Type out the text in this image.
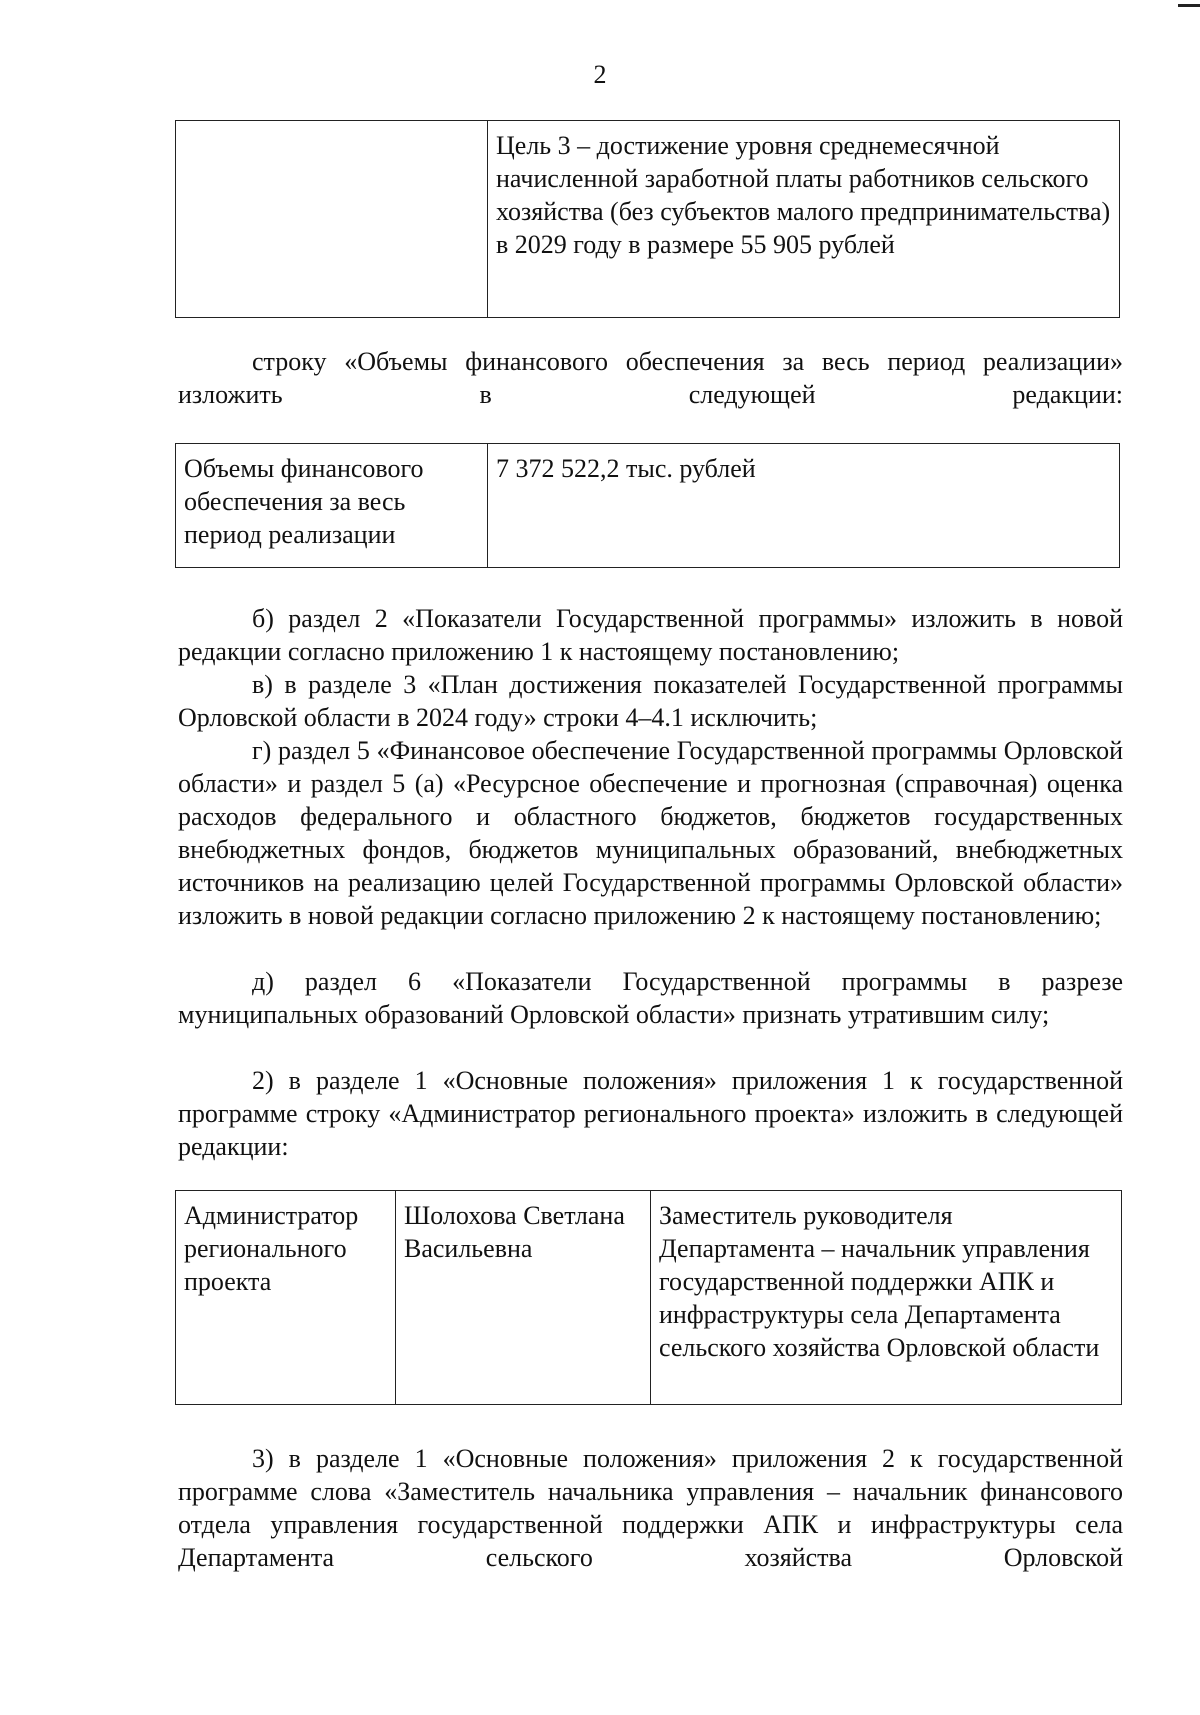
2
	Цель 3 – достижение уровня среднемесячной начисленной заработной платы работников сельского хозяйства (без субъектов малого предпринимательства) в 2029 году в размере 55 905 рублей

строку «Объемы финансового обеспечения за весь период реализации» изложить в следующей редакции:

Объемы финансового обеспечения за весь период реализации	7 372 522,2 тыс. рублей

б) раздел 2 «Показатели Государственной программы» изложить в новой редакции согласно приложению 1 к настоящему постановлению;

в) в разделе 3 «План достижения показателей Государственной программы Орловской области в 2024 году» строки 4–4.1 исключить;

г) раздел 5 «Финансовое обеспечение Государственной программы Орловской области» и раздел 5 (а) «Ресурсное обеспечение и прогнозная (справочная) оценка расходов федерального и областного бюджетов, бюджетов государственных внебюджетных фондов, бюджетов муниципальных образований, внебюджетных источников на реализацию целей Государственной программы Орловской области» изложить в новой редакции согласно приложению 2 к настоящему постановлению;

д) раздел 6 «Показатели Государственной программы в разрезе муниципальных образований Орловской области» признать утратившим силу;

2) в разделе 1 «Основные положения» приложения 1 к государственной программе строку «Администратор регионального проекта» изложить в следующей редакции:

Администратор регионального проекта	Шолохова Светлана Васильевна	Заместитель руководителя Департамента – начальник управления государственной поддержки АПК и инфраструктуры села Департамента сельского хозяйства Орловской области

3) в разделе 1 «Основные положения» приложения 2 к государственной программе слова «Заместитель начальника управления – начальник финансового отдела управления государственной поддержки АПК и инфраструктуры села Департамента сельского хозяйства Орловской
